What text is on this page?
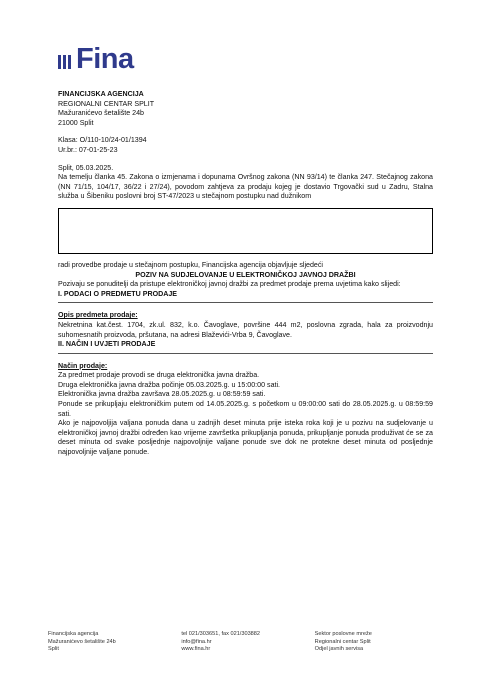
Fina

FINANCIJSKA AGENCIJA

REGIONALNI CENTAR SPLIT

Mažuranićevo šetalište 24b

21000 Split

Klasa: O/110-10/24-01/1394

Ur.br.: 07-01-25-23

Split, 05.03.2025.

Na temelju članka 45. Zakona o izmjenama i dopunama Ovršnog zakona (NN 93/14) te članka 247. Stečajnog zakona (NN 71/15, 104/17, 36/22 i 27/24), povodom zahtjeva za prodaju kojeg je dostavio Trgovački sud u Zadru, Stalna služba u Šibeniku poslovni broj ST-47/2023 u stečajnom postupku nad dužnikom

radi provedbe prodaje u stečajnom postupku, Financijska agencija objavljuje sljedeći

POZIV NA SUDJELOVANJE U ELEKTRONIČKOJ JAVNOJ DRAŽBI

Pozivaju se ponuditelji da pristupe elektroničkoj javnoj dražbi za predmet prodaje prema uvjetima kako slijedi:

I. PODACI O PREDMETU PRODAJE

Opis predmeta prodaje:

Nekretnina kat.čest. 1704, zk.ul. 832, k.o. Čavoglave, površine 444 m2, poslovna zgrada, hala za proizvodnju suhomesnatih proizvoda, pršutana, na adresi Blaževići-Vrba 9, Čavoglave.

II. NAČIN I UVJETI PRODAJE

Način prodaje:

Za predmet prodaje provodi se druga elektronička javna dražba.

Druga elektronička javna dražba počinje 05.03.2025.g. u 15:00:00 sati.

Elektronička javna dražba završava 28.05.2025.g. u 08:59:59 sati.

Ponude se prikupljaju elektroničkim putem od 14.05.2025.g. s početkom u 09:00:00 sati do 28.05.2025.g. u 08:59:59 sati.

Ako je najpovoljija valjana ponuda dana u zadnjih deset minuta prije isteka roka koji je u pozivu na sudjelovanje u elektroničkoj javnoj dražbi određen kao vrijeme završetka prikupljanja ponuda, prikupljanje ponuda produživat će se za deset minuta od svake posljednje najpovoljnije valjane ponude sve dok ne protekne deset minuta od posljednje najpovoljnije valjane ponude.

Financijska agencija

Mažuranićevo šetalište 24b

Split

tel 021/303651, fax 021/303882

info@fina.hr

www.fina.hr

Sektor poslovne mreže

Regionalni centar Split

Odjel javnih servisa
